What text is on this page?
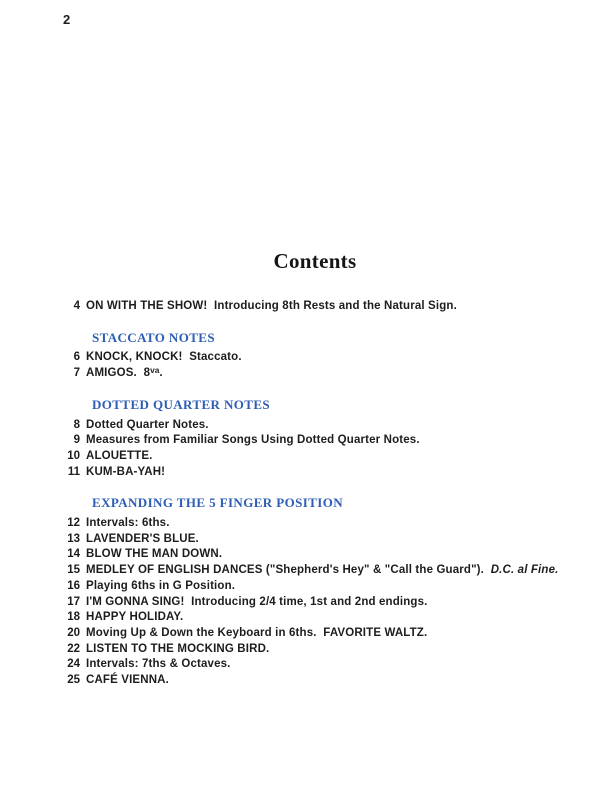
2
Contents
4 ON WITH THE SHOW!  Introducing 8th Rests and the Natural Sign.
STACCATO NOTES
6 KNOCK, KNOCK!  Staccato.
7 AMIGOS.  $8^{va}$.
DOTTED QUARTER NOTES
8 Dotted Quarter Notes.
9 Measures from Familiar Songs Using Dotted Quarter Notes.
10 ALOUETTE.
11 KUM-BA-YAH!
EXPANDING THE 5 FINGER POSITION
12 Intervals: 6ths.
13 LAVENDER'S BLUE.
14 BLOW THE MAN DOWN.
15 MEDLEY OF ENGLISH DANCES ("Shepherd's Hey" & "Call the Guard").  D.C. al Fine.
16 Playing 6ths in G Position.
17 I'M GONNA SING!  Introducing 2/4 time, 1st and 2nd endings.
18 HAPPY HOLIDAY.
20 Moving Up & Down the Keyboard in 6ths.  FAVORITE WALTZ.
22 LISTEN TO THE MOCKING BIRD.
24 Intervals: 7ths & Octaves.
25 CAFÉ VIENNA.
